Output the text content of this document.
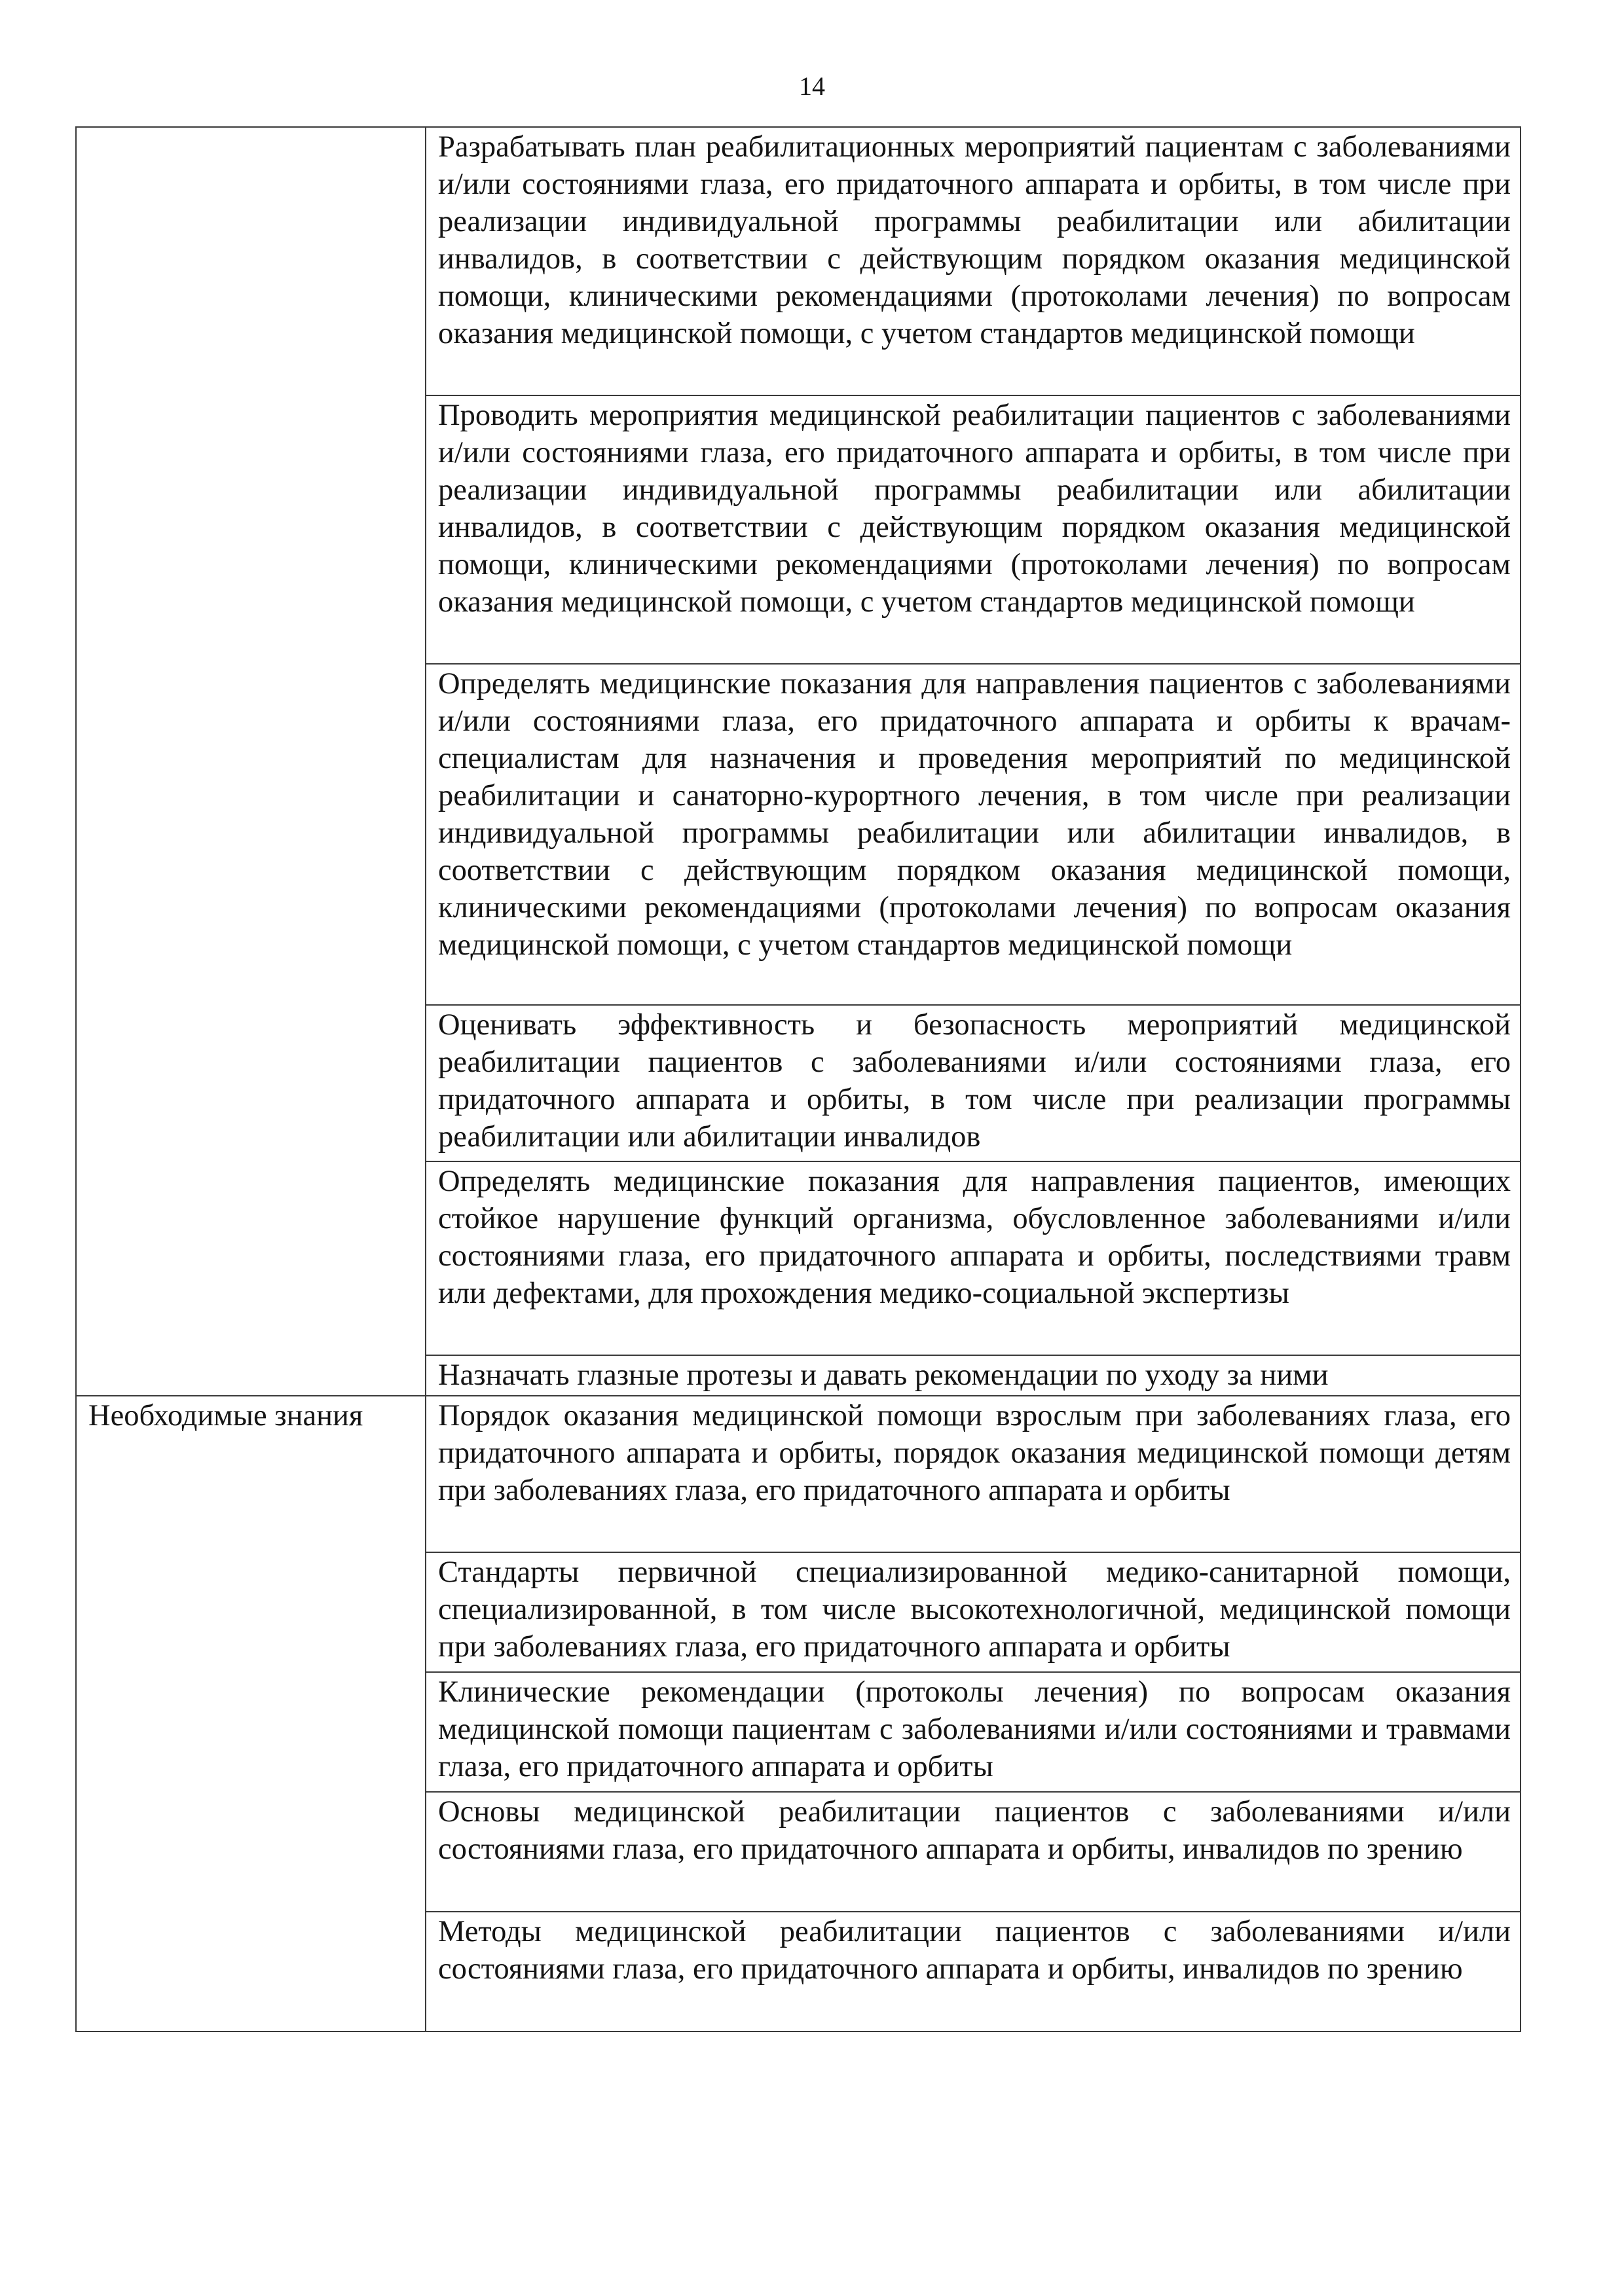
14

	Разрабатывать план реабилитационных мероприятий пациентам с заболеваниями и/или состояниями глаза, его придаточного аппарата и орбиты, в том числе при реализации индивидуальной программы реабилитации или абилитации инвалидов, в соответствии с действующим порядком оказания медицинской помощи, клиническими рекомендациями (протоколами лечения) по вопросам оказания медицинской помощи, с учетом стандартов медицинской помощи

	Проводить мероприятия медицинской реабилитации пациентов с заболеваниями и/или состояниями глаза, его придаточного аппарата и орбиты, в том числе при реализации индивидуальной программы реабилитации или абилитации инвалидов, в соответствии с действующим порядком оказания медицинской помощи, клиническими рекомендациями (протоколами лечения) по вопросам оказания медицинской помощи, с учетом стандартов медицинской помощи

	Определять медицинские показания для направления пациентов с заболеваниями и/или состояниями глаза, его придаточного аппарата и орбиты к врачам-специалистам для назначения и проведения мероприятий по медицинской реабилитации и санаторно-курортного лечения, в том числе при реализации индивидуальной программы реабилитации или абилитации инвалидов, в соответствии с действующим порядком оказания медицинской помощи, клиническими рекомендациями (протоколами лечения) по вопросам оказания медицинской помощи, с учетом стандартов медицинской помощи

	Оценивать эффективность и безопасность мероприятий медицинской реабилитации пациентов с заболеваниями и/или состояниями глаза, его придаточного аппарата и орбиты, в том числе при реализации программы реабилитации или абилитации инвалидов

	Определять медицинские показания для направления пациентов, имеющих стойкое нарушение функций организма, обусловленное заболеваниями и/или состояниями глаза, его придаточного аппарата и орбиты, последствиями травм или дефектами, для прохождения медико-социальной экспертизы

	Назначать глазные протезы и давать рекомендации по уходу за ними

Необходимые знания	Порядок оказания медицинской помощи взрослым при заболеваниях глаза, его придаточного аппарата и орбиты, порядок оказания медицинской помощи детям при заболеваниях глаза, его придаточного аппарата и орбиты

	Стандарты первичной специализированной медико-санитарной помощи, специализированной, в том числе высокотехнологичной, медицинской помощи при заболеваниях глаза, его придаточного аппарата и орбиты

	Клинические рекомендации (протоколы лечения) по вопросам оказания медицинской помощи пациентам с заболеваниями и/или состояниями и травмами глаза, его придаточного аппарата и орбиты

	Основы медицинской реабилитации пациентов с заболеваниями и/или состояниями глаза, его придаточного аппарата и орбиты, инвалидов по зрению

	Методы медицинской реабилитации пациентов с заболеваниями и/или состояниями глаза, его придаточного аппарата и орбиты, инвалидов по зрению
